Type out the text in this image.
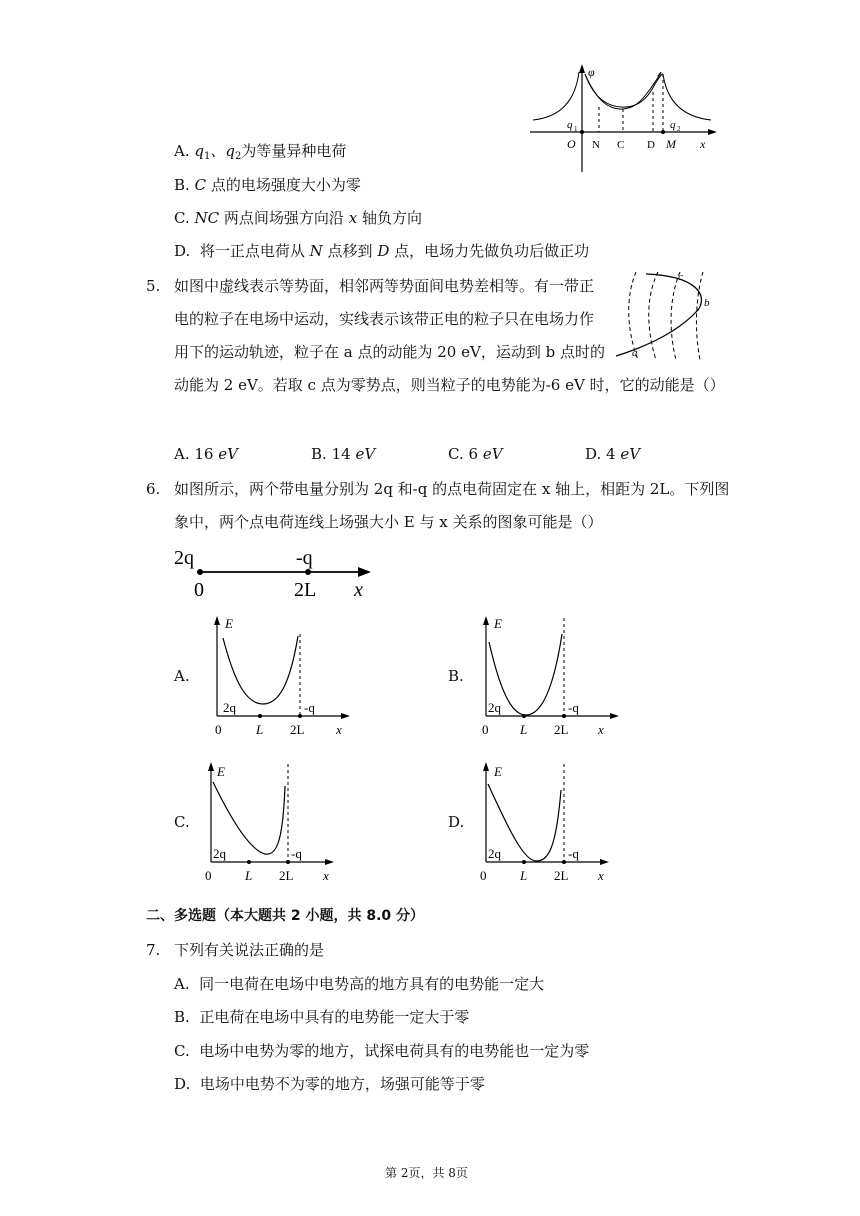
φ
q 1	q 2
O N C D M x
A. $q_1$、$q_2$为等量异种电荷
B. C 点的电场强度大小为零
C. NC 两点间场强方向沿 x 轴负方向
D. 将一正点电荷从 N 点移到 D 点，电场力先做负功后做正功
5. 如图中虚线表示等势面，相邻两等势面间电势差相等。有一带正
电的粒子在电场中运动，实线表示该带正电的粒子只在电场力作
用下的运动轨迹，粒子在 a 点的动能为 20 eV，运动到 b 点时的
动能为 2 eV。若取 c 点为零势点，则当粒子的电势能为-6 eV 时，它的动能是（）
a
b
c
A. 16 eV	B. 14 eV	C. 6 eV	D. 4 eV
6. 如图所示，两个带电量分别为 2q 和-q 的点电荷固定在 x 轴上，相距为 2L。下列图
象中，两个点电荷连线上场强大小 E 与 x 关系的图象可能是（）
2q	-q
0	2L x
A.
E
2q	-q
0	L 2L x
B.
E
2q	-q
0 L 2L x
C.
E
2q	-q
0	L 2L x
D.
E
2q	-q
0	L 2L x
二、多选题（本大题共 2 小题，共 8.0 分）
7. 下列有关说法正确的是
A. 同一电荷在电场中电势高的地方具有的电势能一定大
B. 正电荷在电场中具有的电势能一定大于零
C. 电场中电势为零的地方，试探电荷具有的电势能也一定为零
D. 电场中电势不为零的地方，场强可能等于零
第 2页，共 8页
